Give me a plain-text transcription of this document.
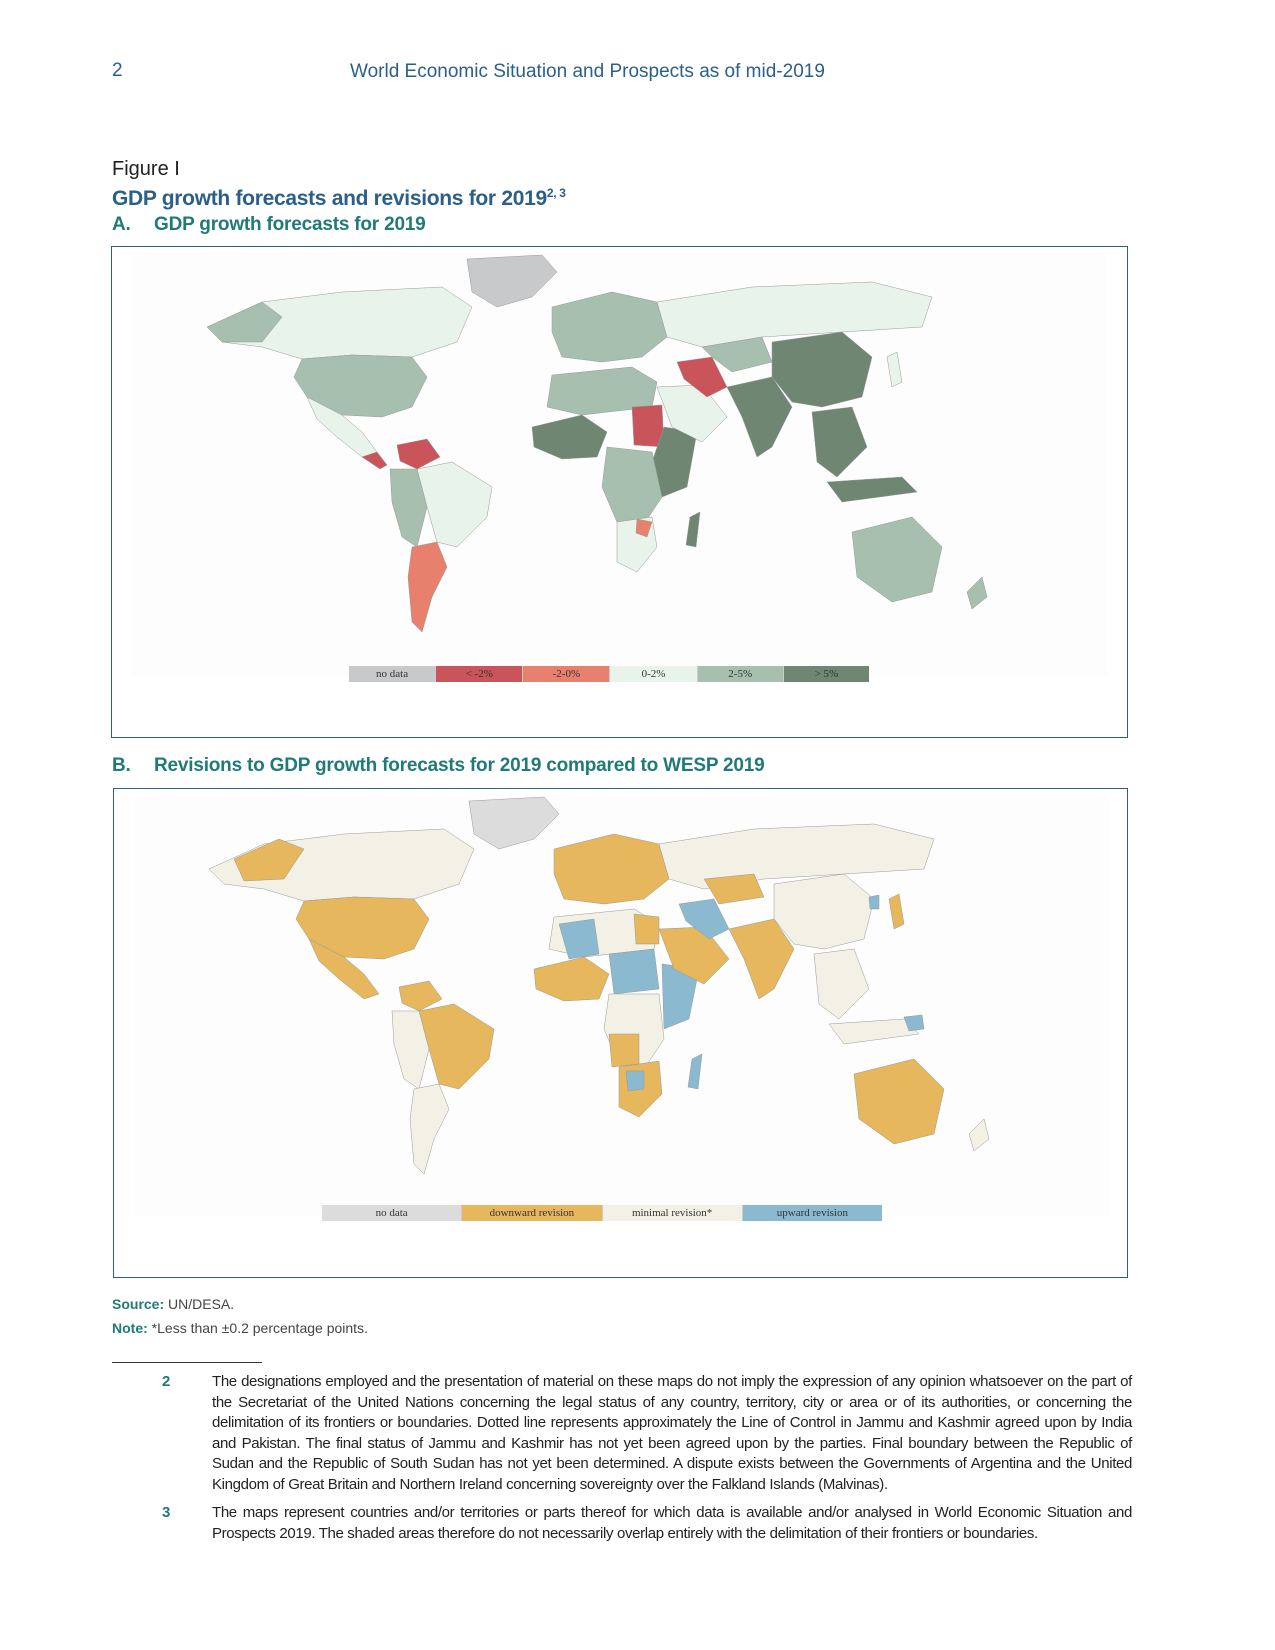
2	World Economic Situation and Prospects as of mid-2019
Figure I
GDP growth forecasts and revisions for 2019$^{2, 3}$
A. GDP growth forecasts for 2019
no data	< -2%	-2-0%	0-2%	2-5%	> 5%
B. Revisions to GDP growth forecasts for 2019 compared to WESP 2019
no data	downward revision	minimal revision*	upward revision
Source: UN/DESA.
Note: *Less than ±0.2 percentage points.
2	The designations employed and the presentation of material on these maps do not imply the expression of any opinion whatsoever on the part of the Secretariat of the United Nations concerning the legal status of any country, territory, city or area or of its authorities, or concerning the delimitation of its frontiers or boundaries. Dotted line represents approximately the Line of Control in Jammu and Kashmir agreed upon by India and Pakistan. The final status of Jammu and Kashmir has not yet been agreed upon by the parties. Final boundary between the Republic of Sudan and the Republic of South Sudan has not yet been determined. A dispute exists between the Governments of Argentina and the United Kingdom of Great Britain and Northern Ireland concerning sovereignty over the Falkland Islands (Malvinas).
3	The maps represent countries and/or territories or parts thereof for which data is available and/or analysed in World Economic Situation and Prospects 2019. The shaded areas therefore do not necessarily overlap entirely with the delimitation of their frontiers or boundaries.
